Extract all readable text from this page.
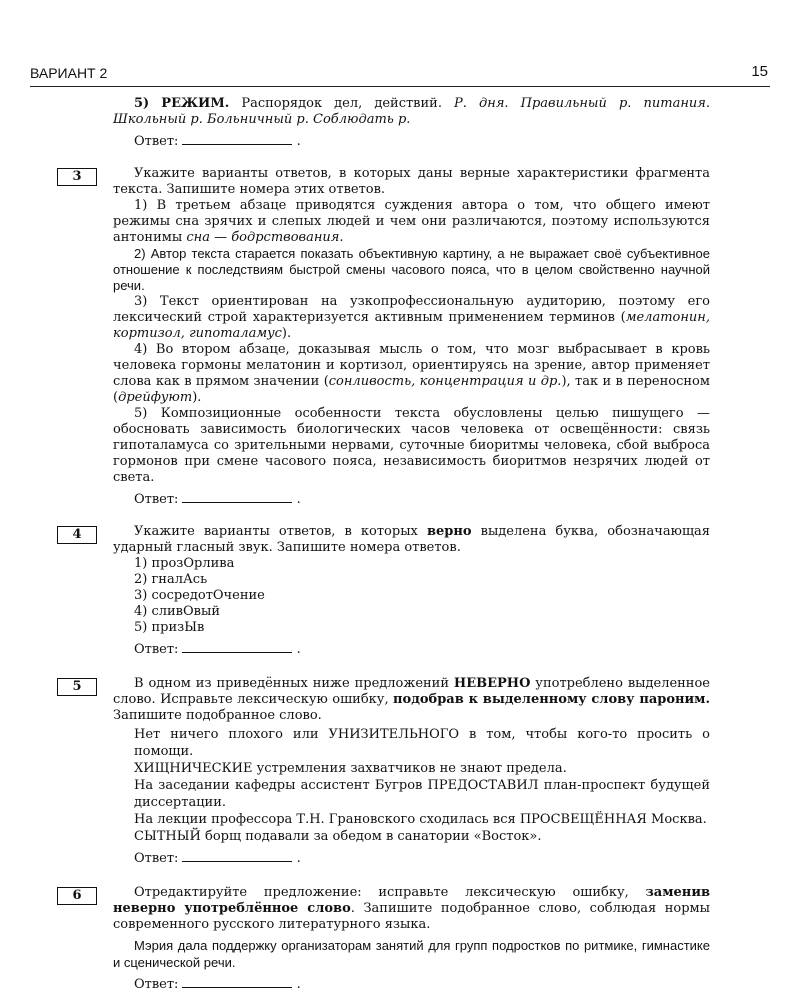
ВАРИАНТ 2	15

5) РЕЖИМ. Распорядок дел, действий. Р. дня. Правильный р. питания. Школьный р. Больничный р. Соблюдать р.

Ответ:	.
3	Укажите варианты ответов, в которых даны верные характеристики фрагмента текста. Запишите номера этих ответов.

1) В третьем абзаце приводятся суждения автора о том, что общего имеют режимы сна зрячих и слепых людей и чем они различаются, поэтому используются антонимы сна — бодрствования.

2) Автор текста старается показать объективную картину, а не выражает своё субъективное отношение к последствиям быстрой смены часового пояса, что в целом свойственно научной речи.

3) Текст ориентирован на узкопрофессиональную аудиторию, поэтому его лексический строй характеризуется активным применением терминов (мелатонин, кортизол, гипоталамус).

4) Во втором абзаце, доказывая мысль о том, что мозг выбрасывает в кровь человека гормоны мелатонин и кортизол, ориентируясь на зрение, автор применяет слова как в прямом значении (сонливость, концентрация и др.), так и в переносном (дрейфуют).

5) Композиционные особенности текста обусловлены целью пишущего — обосновать зависимость биологических часов человека от освещённости: связь гипоталамуса со зрительными нервами, суточные биоритмы человека, сбой выброса гормонов при смене часового пояса, независимость биоритмов незрячих людей от света.

Ответ:	.
4	Укажите варианты ответов, в которых верно выделена буква, обозначающая ударный гласный звук. Запишите номера ответов.

1) прозОрлива
2) гналАсь
3) сосредотОчение
4) сливОвый
5) призЫв
Ответ:	.
5	В одном из приведённых ниже предложений НЕВЕРНО употреблено выделенное слово. Исправьте лексическую ошибку, подобрав к выделенному слову пароним. Запишите подобранное слово.

Нет ничего плохого или УНИЗИТЕЛЬНОГО в том, чтобы кого-то просить о помощи.

ХИЩНИЧЕСКИЕ устремления захватчиков не знают предела.

На заседании кафедры ассистент Бугров ПРЕДОСТАВИЛ план-проспект будущей диссертации.

На лекции профессора Т.Н. Грановского сходилась вся ПРОСВЕЩЁННАЯ Москва.

СЫТНЫЙ борщ подавали за обедом в санатории «Восток».

Ответ:	.
6	Отредактируйте предложение: исправьте лексическую ошибку, заменив неверно употреблённое слово. Запишите подобранное слово, соблюдая нормы современного русского литературного языка.

Мэрия дала поддержку организаторам занятий для групп подростков по ритмике, гимнастике и сценической речи.

Ответ:	.
